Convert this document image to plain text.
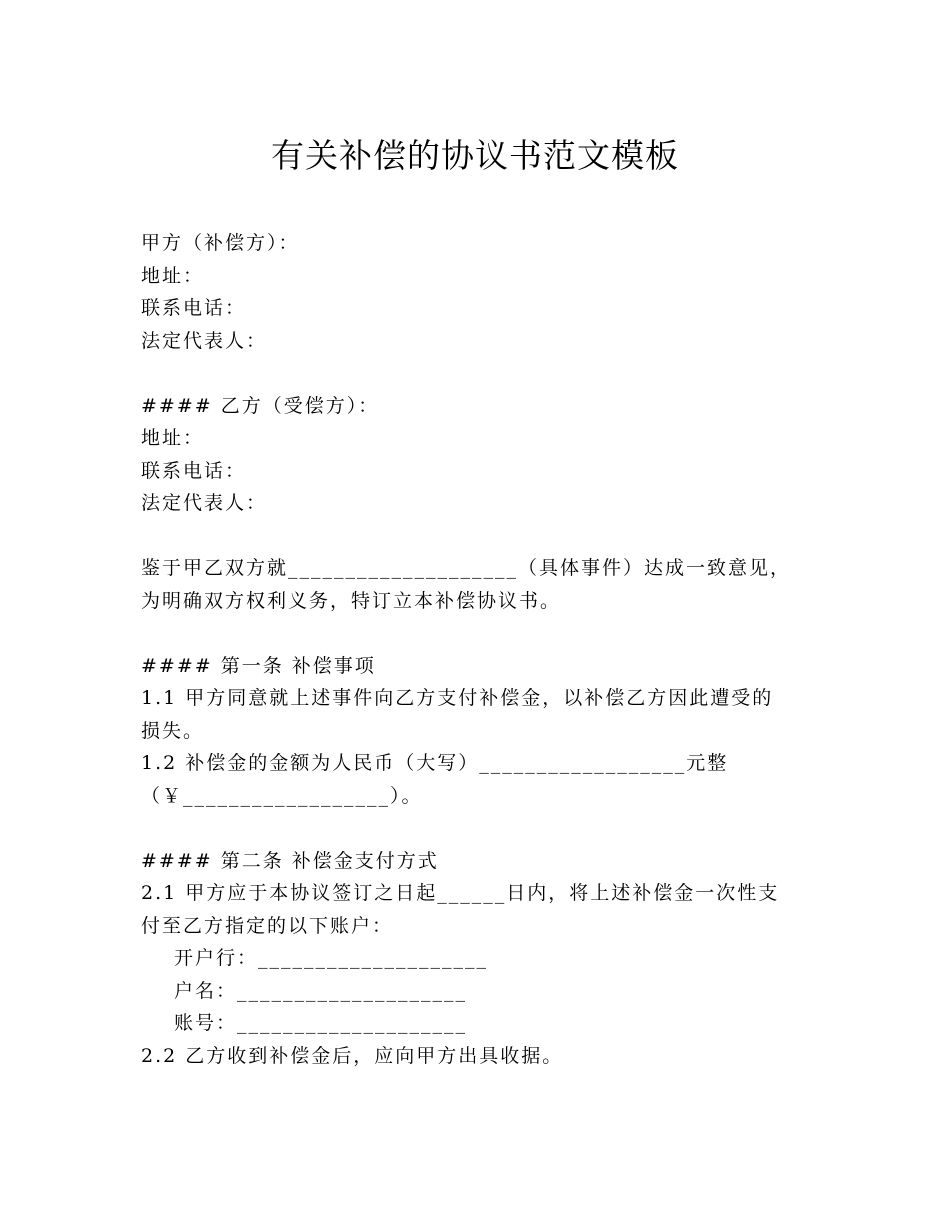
有关补偿的协议书范文模板
甲方（补偿方）：
地址：
联系电话：
法定代表人：
#### 乙方（受偿方）：
地址：
联系电话：
法定代表人：
鉴于甲乙双方就____________________（具体事件）达成一致意见，
为明确双方权利义务，特订立本补偿协议书。
#### 第一条 补偿事项
1.1 甲方同意就上述事件向乙方支付补偿金，以补偿乙方因此遭受的
损失。
1.2 补偿金的金额为人民币（大写）__________________元整
（￥__________________）。
#### 第二条 补偿金支付方式
2.1 甲方应于本协议签订之日起______日内，将上述补偿金一次性支
付至乙方指定的以下账户：
开户行：____________________
户名：____________________
账号：____________________
2.2 乙方收到补偿金后，应向甲方出具收据。
